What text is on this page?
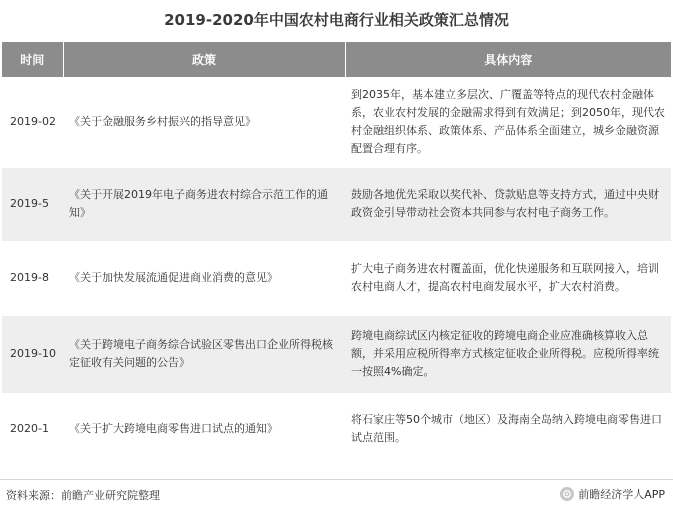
2019-2020年中国农村电商行业相关政策汇总情况
时间	政策	具体内容
2019-02	《关于金融服务乡村振兴的指导意见》	到2035年，基本建立多层次、广覆盖等特点的现代农村金融体系，农业农村发展的金融需求得到有效满足；到2050年，现代农村金融组织体系、政策体系、产品体系全面建立，城乡金融资源配置合理有序。
2019-5	《关于开展2019年电子商务进农村综合示范工作的通知》	鼓励各地优先采取以奖代补、贷款贴息等支持方式，通过中央财政资金引导带动社会资本共同参与农村电子商务工作。
2019-8	《关于加快发展流通促进商业消费的意见》	扩大电子商务进农村覆盖面，优化快递服务和互联网接入，培训农村电商人才，提高农村电商发展水平，扩大农村消费。
2019-10	《关于跨境电子商务综合试验区零售出口企业所得税核定征收有关问题的公告》	跨境电商综试区内核定征收的跨境电商企业应准确核算收入总额，并采用应税所得率方式核定征收企业所得税。应税所得率统一按照4%确定。
2020-1	《关于扩大跨境电商零售进口试点的通知》	将石家庄等50个城市（地区）及海南全岛纳入跨境电商零售进口试点范围。
资料来源：前瞻产业研究院整理	前瞻经济学人APP
